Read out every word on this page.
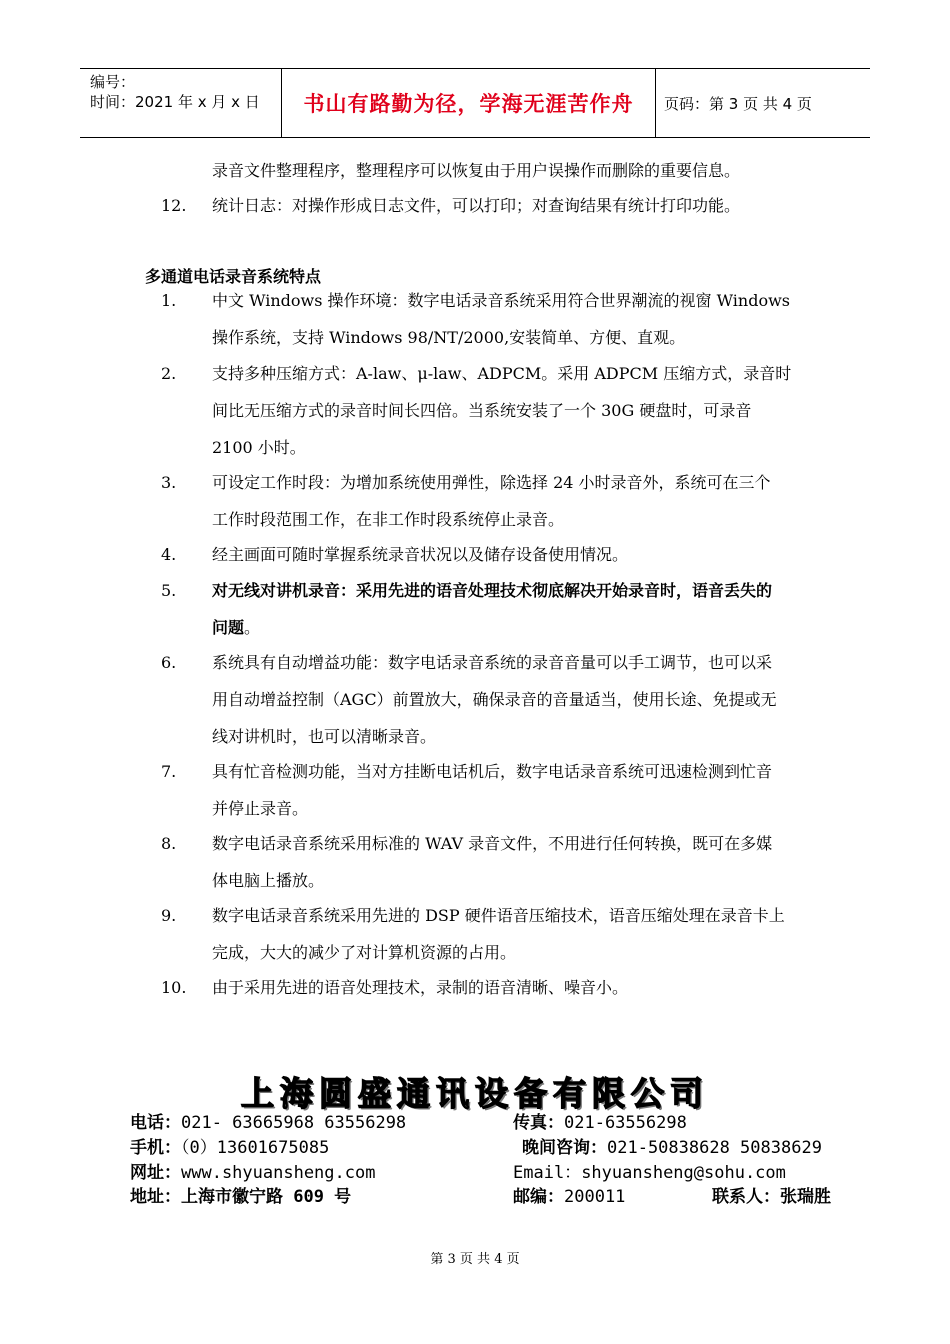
编号：
时间：2021 年 x 月 x 日 书山有路勤为径，学海无涯苦作舟 页码：第 3 页 共 4 页
录音文件整理程序，整理程序可以恢复由于用户误操作而删除的重要信息。
12. 统计日志：对操作形成日志文件，可以打印；对查询结果有统计打印功能。
多通道电话录音系统特点
1. 中文 Windows 操作环境：数字电话录音系统采用符合世界潮流的视窗 Windows
操作系统，支持 Windows 98/NT/2000,安装简单、方便、直观。
2. 支持多种压缩方式：A-law、μ-law、ADPCM。采用 ADPCM 压缩方式，录音时
间比无压缩方式的录音时间长四倍。当系统安装了一个 30G 硬盘时，可录音
2100 小时。
3. 可设定工作时段：为增加系统使用弹性，除选择 24 小时录音外，系统可在三个
工作时段范围工作，在非工作时段系统停止录音。
4. 经主画面可随时掌握系统录音状况以及储存设备使用情况。
5. 对无线对讲机录音：采用先进的语音处理技术彻底解决开始录音时，语音丢失的
问题。
6. 系统具有自动增益功能：数字电话录音系统的录音音量可以手工调节，也可以采
用自动增益控制（AGC）前置放大，确保录音的音量适当，使用长途、免提或无
线对讲机时，也可以清晰录音。
7. 具有忙音检测功能，当对方挂断电话机后，数字电话录音系统可迅速检测到忙音
并停止录音。
8. 数字电话录音系统采用标准的 WAV 录音文件，不用进行任何转换，既可在多媒
体电脑上播放。
9. 数字电话录音系统采用先进的 DSP 硬件语音压缩技术，语音压缩处理在录音卡上
完成，大大的减少了对计算机资源的占用。
10. 由于采用先进的语音处理技术，录制的语音清晰、噪音小。
上海圆盛通讯设备有限公司
电话：021- 63665968 63556298	传真：021-63556298
手机：（0）13601675085	晚间咨询：021-50838628 50838629
网址：www.shyuansheng.com	Email：shyuansheng@sohu.com
地址：上海市徽宁路 609 号	邮编：200011	联系人：张瑞胜
第 3 页 共 4 页
